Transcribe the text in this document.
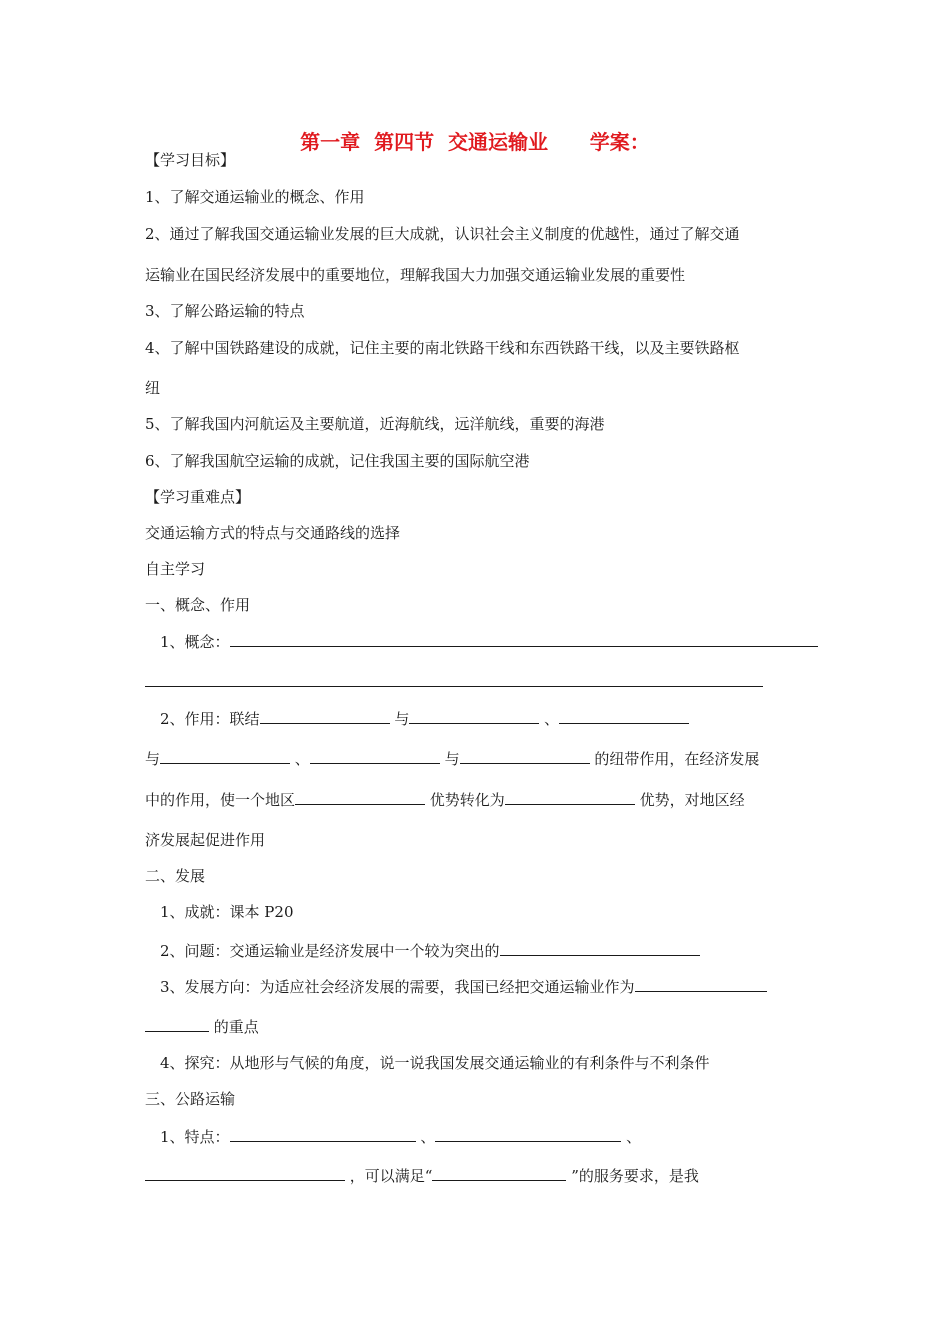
第一章  第四节  交通运输业      学案：
【学习目标】
1、了解交通运输业的概念、作用
2、通过了解我国交通运输业发展的巨大成就，认识社会主义制度的优越性，通过了解交通
运输业在国民经济发展中的重要地位，理解我国大力加强交通运输业发展的重要性
3、了解公路运输的特点
4、了解中国铁路建设的成就，记住主要的南北铁路干线和东西铁路干线，以及主要铁路枢
纽
5、了解我国内河航运及主要航道，近海航线，远洋航线，重要的海港
6、了解我国航空运输的成就，记住我国主要的国际航空港
【学习重难点】
交通运输方式的特点与交通路线的选择
自主学习
一、概念、作用
1、概念：
2、作用：联结	与	、
与	、	与	的纽带作用，在经济发展
中的作用，使一个地区	优势转化为	优势，对地区经
济发展起促进作用
二、发展
1、成就：课本 P20
2、问题：交通运输业是经济发展中一个较为突出的
3、发展方向：为适应社会经济发展的需要，我国已经把交通运输业作为
的重点
4、探究：从地形与气候的角度，说一说我国发展交通运输业的有利条件与不利条件
三、公路运输
1、特点：	、	、
，可以满足“	”的服务要求，是我
